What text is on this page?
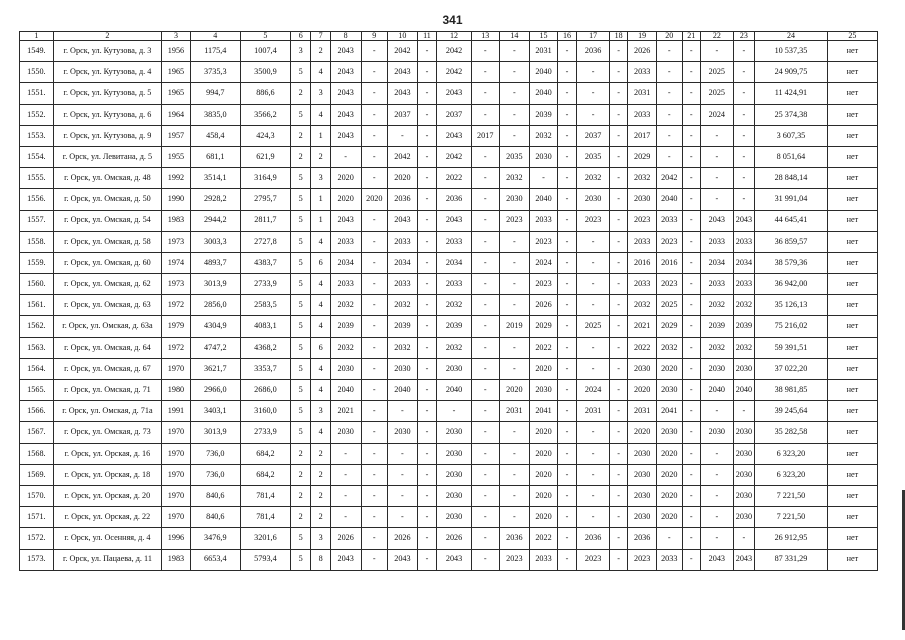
341
1	2	3	4	5	6	7	8	9	10	11	12	13	14	15	16	17	18	19	20	21	22	23	24	25
1549.	г. Орск, ул. Кутузова, д. 3	1956	1175,4	1007,4	3	2	2043	-	2042	-	2042	-	-	2031	-	2036	-	2026	-	-	-	-	10 537,35	нет
1550.	г. Орск, ул. Кутузова, д. 4	1965	3735,3	3500,9	5	4	2043	-	2043	-	2042	-	-	2040	-	-	-	2033	-	-	2025	-	24 909,75	нет
1551.	г. Орск, ул. Кутузова, д. 5	1965	994,7	886,6	2	3	2043	-	2043	-	2043	-	-	2040	-	-	-	2031	-	-	2025	-	11 424,91	нет
1552.	г. Орск, ул. Кутузова, д. 6	1964	3835,0	3566,2	5	4	2043	-	2037	-	2037	-	-	2039	-	-	-	2033	-	-	2024	-	25 374,38	нет
1553.	г. Орск, ул. Кутузова, д. 9	1957	458,4	424,3	2	1	2043	-	-	-	2043	2017	-	2032	-	2037	-	2017	-	-	-	-	3 607,35	нет
1554.	г. Орск, ул. Левитана, д. 5	1955	681,1	621,9	2	2	-	-	2042	-	2042	-	2035	2030	-	2035	-	2029	-	-	-	-	8 051,64	нет
1555.	г. Орск, ул. Омская, д. 48	1992	3514,1	3164,9	5	3	2020	-	2020	-	2022	-	2032	-	-	2032	-	2032	2042	-	-	-	28 848,14	нет
1556.	г. Орск, ул. Омская, д. 50	1990	2928,2	2795,7	5	1	2020	2020	2036	-	2036	-	2030	2040	-	2030	-	2030	2040	-	-	-	31 991,04	нет
1557.	г. Орск, ул. Омская, д. 54	1983	2944,2	2811,7	5	1	2043	-	2043	-	2043	-	2023	2033	-	2023	-	2023	2033	-	2043	2043	44 645,41	нет
1558.	г. Орск, ул. Омская, д. 58	1973	3003,3	2727,8	5	4	2033	-	2033	-	2033	-	-	2023	-	-	-	2033	2023	-	2033	2033	36 859,57	нет
1559.	г. Орск, ул. Омская, д. 60	1974	4893,7	4383,7	5	6	2034	-	2034	-	2034	-	-	2024	-	-	-	2016	2016	-	2034	2034	38 579,36	нет
1560.	г. Орск, ул. Омская, д. 62	1973	3013,9	2733,9	5	4	2033	-	2033	-	2033	-	-	2023	-	-	-	2033	2023	-	2033	2033	36 942,00	нет
1561.	г. Орск, ул. Омская, д. 63	1972	2856,0	2583,5	5	4	2032	-	2032	-	2032	-	-	2026	-	-	-	2032	2025	-	2032	2032	35 126,13	нет
1562.	г. Орск, ул. Омская, д. 63а	1979	4304,9	4083,1	5	4	2039	-	2039	-	2039	-	2019	2029	-	2025	-	2021	2029	-	2039	2039	75 216,02	нет
1563.	г. Орск, ул. Омская, д. 64	1972	4747,2	4368,2	5	6	2032	-	2032	-	2032	-	-	2022	-	-	-	2022	2032	-	2032	2032	59 391,51	нет
1564.	г. Орск, ул. Омская, д. 67	1970	3621,7	3353,7	5	4	2030	-	2030	-	2030	-	-	2020	-	-	-	2030	2020	-	2030	2030	37 022,20	нет
1565.	г. Орск, ул. Омская, д. 71	1980	2966,0	2686,0	5	4	2040	-	2040	-	2040	-	2020	2030	-	2024	-	2020	2030	-	2040	2040	38 981,85	нет
1566.	г. Орск, ул. Омская, д. 71а	1991	3403,1	3160,0	5	3	2021	-	-	-	-	-	2031	2041	-	2031	-	2031	2041	-	-	-	39 245,64	нет
1567.	г. Орск, ул. Омская, д. 73	1970	3013,9	2733,9	5	4	2030	-	2030	-	2030	-	-	2020	-	-	-	2020	2030	-	2030	2030	35 282,58	нет
1568.	г. Орск, ул. Орская, д. 16	1970	736,0	684,2	2	2	-	-	-	-	2030	-	-	2020	-	-	-	2030	2020	-	-	2030	6 323,20	нет
1569.	г. Орск, ул. Орская, д. 18	1970	736,0	684,2	2	2	-	-	-	-	2030	-	-	2020	-	-	-	2030	2020	-	-	2030	6 323,20	нет
1570.	г. Орск, ул. Орская, д. 20	1970	840,6	781,4	2	2	-	-	-	-	2030	-	-	2020	-	-	-	2030	2020	-	-	2030	7 221,50	нет
1571.	г. Орск, ул. Орская, д. 22	1970	840,6	781,4	2	2	-	-	-	-	2030	-	-	2020	-	-	-	2030	2020	-	-	2030	7 221,50	нет
1572.	г. Орск, ул. Осенняя, д. 4	1996	3476,9	3201,6	5	3	2026	-	2026	-	2026	-	2036	2022	-	2036	-	2036	-	-	-	-	26 912,95	нет
1573.	г. Орск, ул. Пацаева, д. 11	1983	6653,4	5793,4	5	8	2043	-	2043	-	2043	-	2023	2033	-	2023	-	2023	2033	-	2043	2043	87 331,29	нет
